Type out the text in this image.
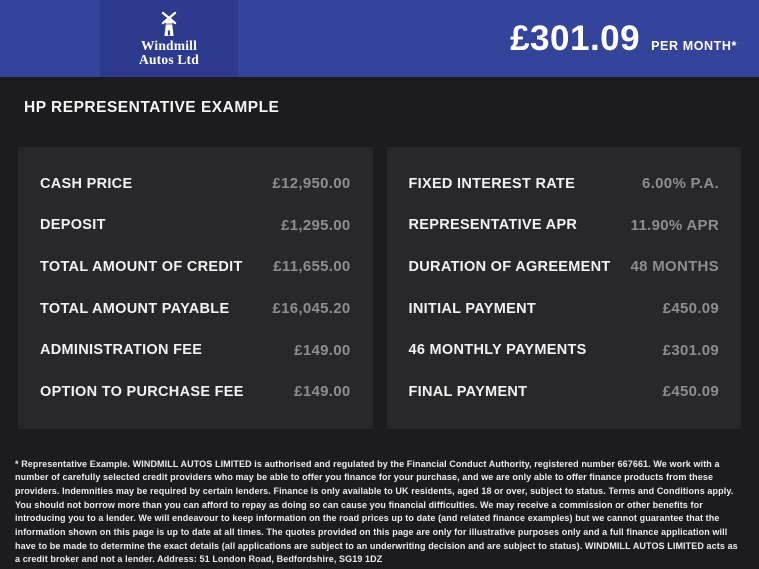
Windmill
Autos Ltd
£301.09 PER MONTH*
HP REPRESENTATIVE EXAMPLE
CASH PRICE	£12,950.00
DEPOSIT	£1,295.00
TOTAL AMOUNT OF CREDIT £11,655.00
TOTAL AMOUNT PAYABLE	£16,045.20
ADMINISTRATION FEE	£149.00
OPTION TO PURCHASE FEE	£149.00
FIXED INTEREST RATE	6.00% P.A.
REPRESENTATIVE APR	11.90% APR
DURATION OF AGREEMENT 48 MONTHS
INITIAL PAYMENT	£450.09
46 MONTHLY PAYMENTS	£301.09
FINAL PAYMENT	£450.09
* Representative Example. WINDMILL AUTOS LIMITED is authorised and regulated by the Financial Conduct Authority, registered number 667661. We work with a number of carefully selected credit providers who may be able to offer you finance for your purchase, and we are only able to offer finance products from these providers. Indemnities may be required by certain lenders. Finance is only available to UK residents, aged 18 or over, subject to status. Terms and Conditions apply. You should not borrow more than you can afford to repay as doing so can cause you financial difficulties. We may receive a commission or other benefits for introducing you to a lender. We will endeavour to keep information on the road prices up to date (and related finance examples) but we cannot guarantee that the information shown on this page is up to date at all times. The quotes provided on this page are only for illustrative purposes only and a full finance application will have to be made to determine the exact details (all applications are subject to an underwriting decision and are subject to status). WINDMILL AUTOS LIMITED acts as a credit broker and not a lender. Address: 51 London Road, Bedfordshire, SG19 1DZ
